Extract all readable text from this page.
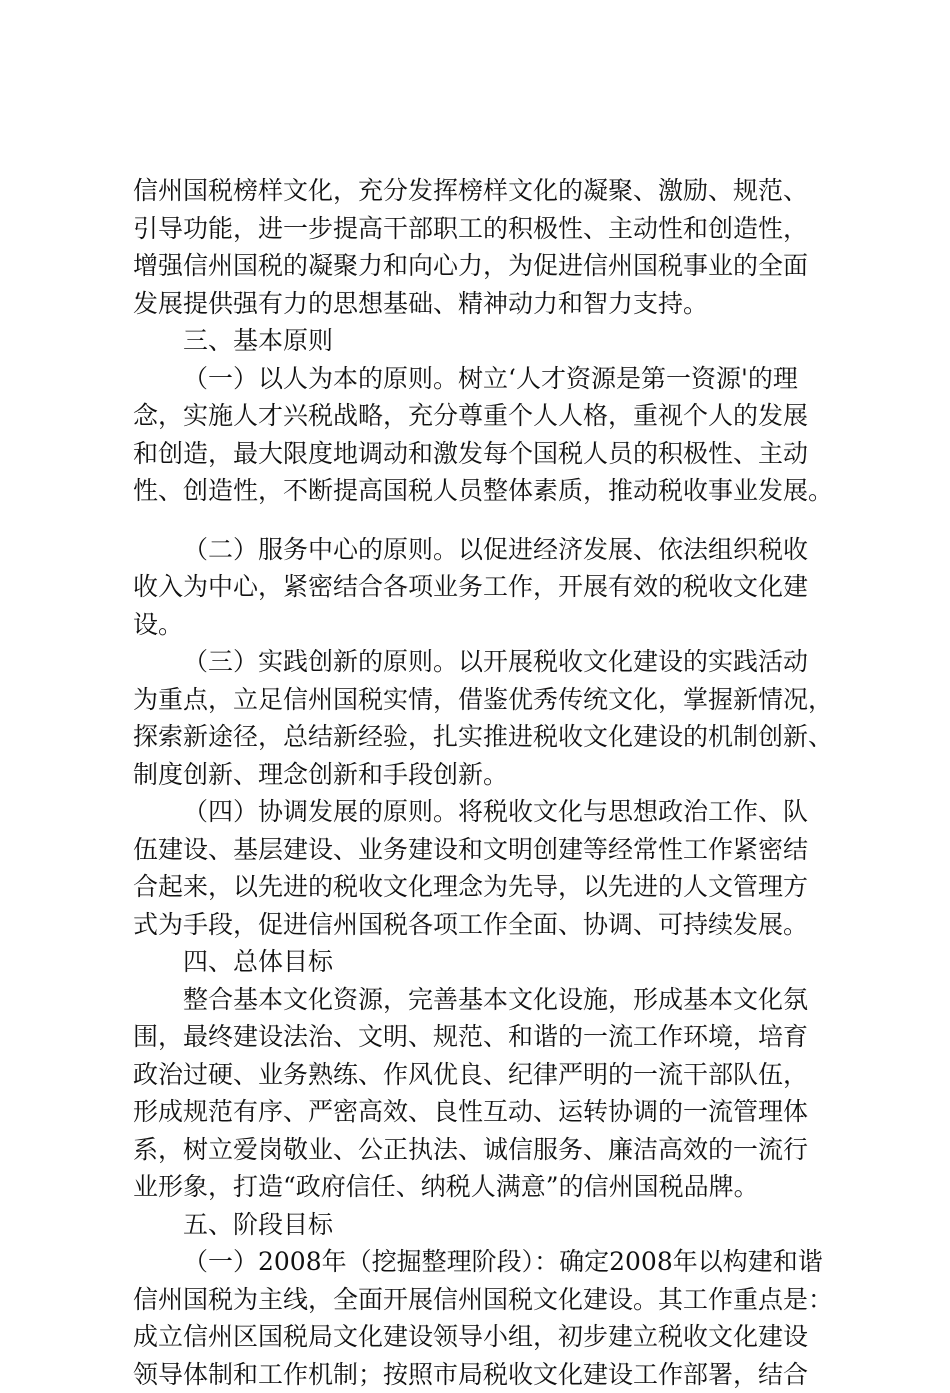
信州国税榜样文化，充分发挥榜样文化的凝聚、激励、规范、
引导功能，进一步提高干部职工的积极性、主动性和创造性，
增强信州国税的凝聚力和向心力，为促进信州国税事业的全面
发展提供强有力的思想基础、精神动力和智力支持。
三、基本原则
（一）以人为本的原则。树立‘人才资源是第一资源'的理
念，实施人才兴税战略，充分尊重个人人格，重视个人的发展
和创造，最大限度地调动和激发每个国税人员的积极性、主动
性、创造性，不断提高国税人员整体素质，推动税收事业发展。
（二）服务中心的原则。以促进经济发展、依法组织税收
收入为中心，紧密结合各项业务工作，开展有效的税收文化建
设。
（三）实践创新的原则。以开展税收文化建设的实践活动
为重点，立足信州国税实情，借鉴优秀传统文化，掌握新情况，
探索新途径，总结新经验，扎实推进税收文化建设的机制创新、
制度创新、理念创新和手段创新。
（四）协调发展的原则。将税收文化与思想政治工作、队
伍建设、基层建设、业务建设和文明创建等经常性工作紧密结
合起来，以先进的税收文化理念为先导，以先进的人文管理方
式为手段，促进信州国税各项工作全面、协调、可持续发展。
四、总体目标
整合基本文化资源，完善基本文化设施，形成基本文化氛
围，最终建设法治、文明、规范、和谐的一流工作环境，培育
政治过硬、业务熟练、作风优良、纪律严明的一流干部队伍，
形成规范有序、严密高效、良性互动、运转协调的一流管理体
系，树立爱岗敬业、公正执法、诚信服务、廉洁高效的一流行
业形象，打造“政府信任、纳税人满意”的信州国税品牌。
五、阶段目标
（一）2008年（挖掘整理阶段）：确定2008年以构建和谐
信州国税为主线，全面开展信州国税文化建设。其工作重点是：
成立信州区国税局文化建设领导小组，初步建立税收文化建设
领导体制和工作机制；按照市局税收文化建设工作部署，结合
